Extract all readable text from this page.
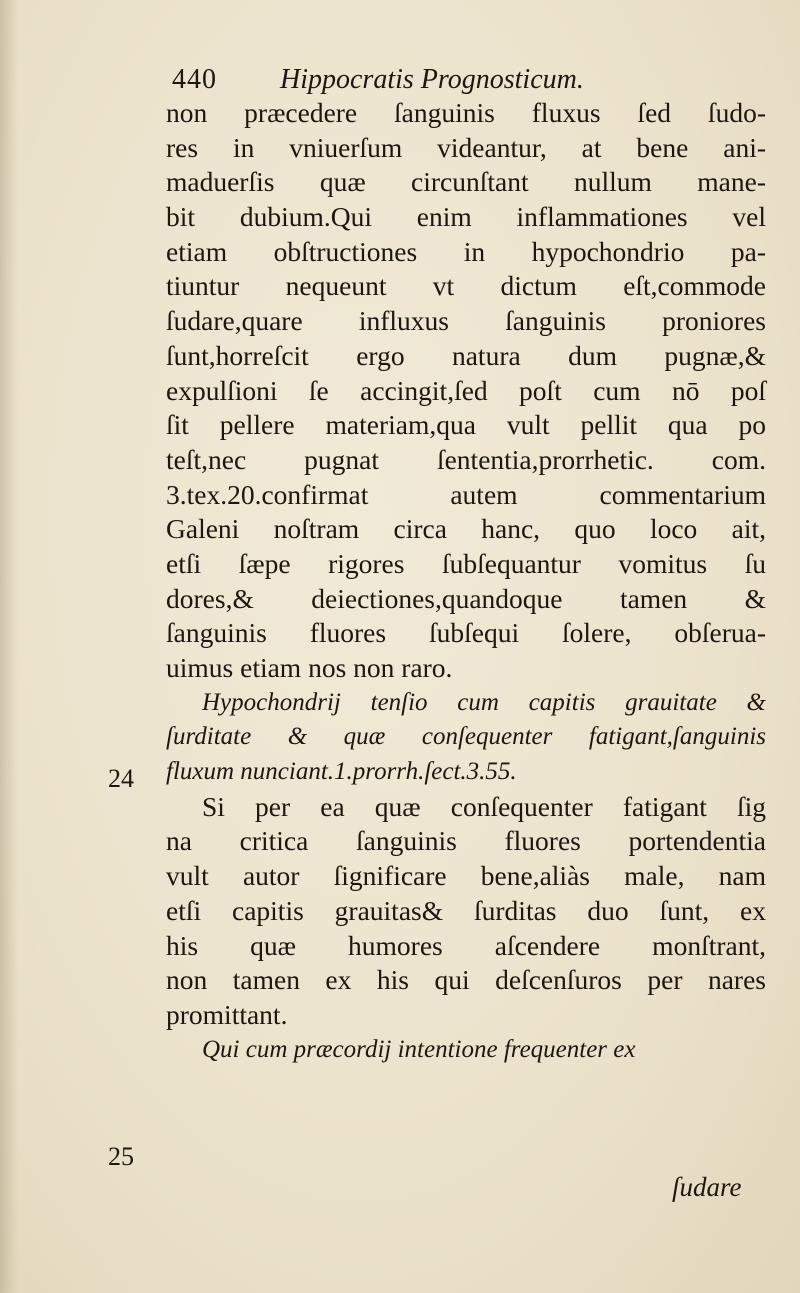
440 Hippocratis Prognosticum.
non præcedere ſanguinis fluxus ſed ſudo-
res in vniuerſum videantur, at bene ani-
maduerſis quæ circunſtant nullum mane-
bit dubium.Qui enim inflammationes vel
etiam obſtructiones in hypochondrio pa-
tiuntur nequeunt vt dictum eſt,commode
ſudare,quare influxus ſanguinis proniores
ſunt,horreſcit ergo natura dum pugnæ,&
expulſioni ſe accingit,ſed poſt cum nō poſ
ſit pellere materiam,qua vult pellit qua po
teſt,nec pugnat ſententia,prorrhetic. com.
3.tex.20.confirmat autem commentarium
Galeni noſtram circa hanc, quo loco ait,
etſi ſæpe rigores ſubſequantur vomitus ſu
dores,& deiectiones,quandoque tamen &
ſanguinis fluores ſubſequi ſolere, obſerua-
uimus etiam nos non raro.
Hypochondrij tenſio cum capitis grauitate &
ſurditate & quæ conſequenter fatigant,ſanguinis
fluxum nunciant.1.prorrh.ſect.3.55.
Si per ea quæ conſequenter fatigant ſig
na critica ſanguinis fluores portendentia
vult autor ſignificare bene,aliàs male, nam
etſi capitis grauitas& ſurditas duo ſunt, ex
his quæ humores aſcendere monſtrant,
non tamen ex his qui deſcenſuros per nares
promittant.
Qui cum præcordij intentione frequenter ex
24
25
ſudare
